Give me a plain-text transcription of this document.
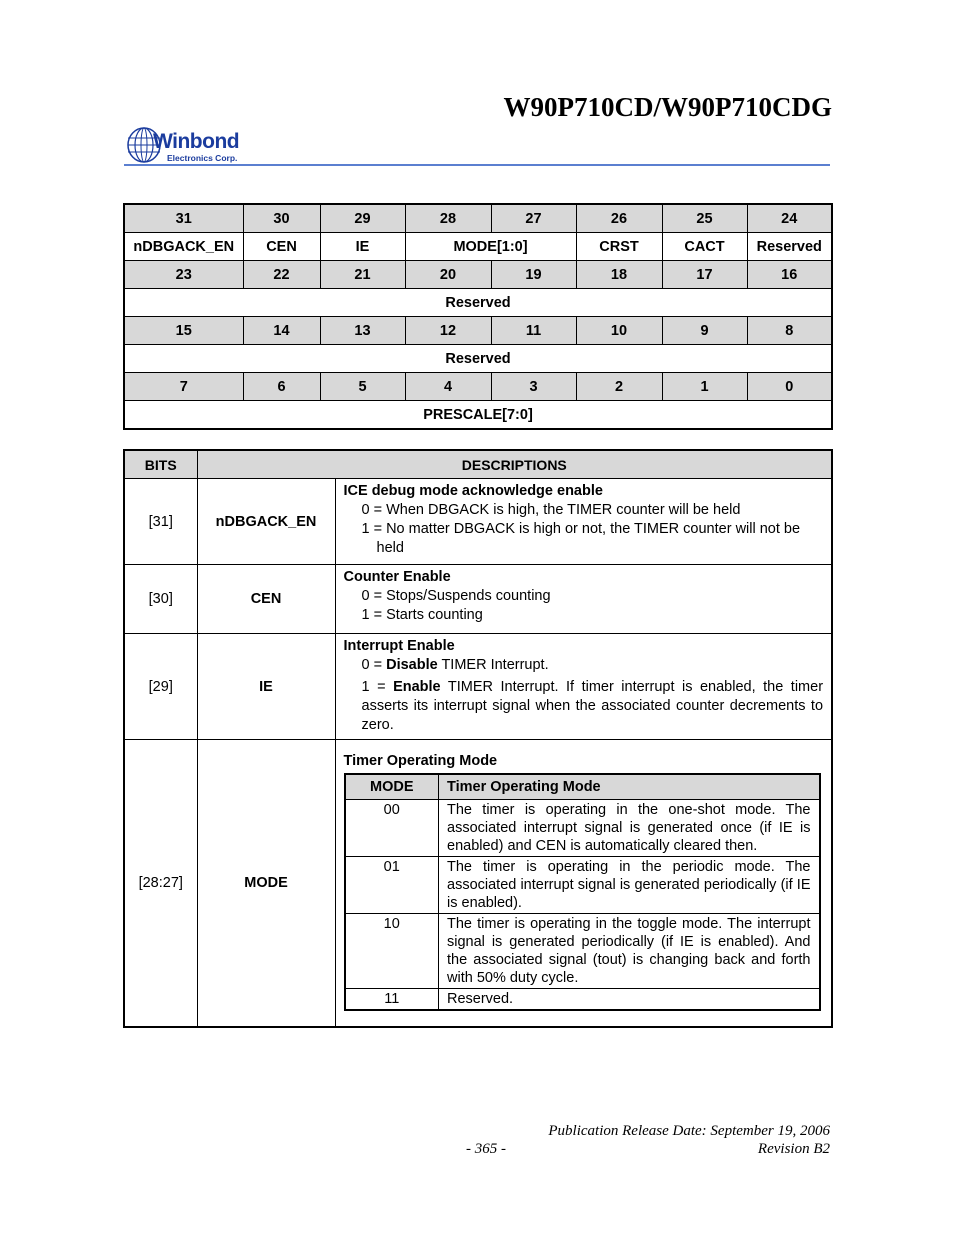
W90P710CD/W90P710CDG
Winbond
Electronics Corp.
31	30	29	28	27	26	25	24
nDBGACK_EN	CEN	IE	MODE[1:0]		CRST	CACT	Reserved
23	22	21	20	19	18	17	16
Reserved							
15	14	13	12	11	10	9	8
Reserved							
7	6	5	4	3	2	1	0
PRESCALE[7:0]							
BITS	DESCRIPTIONS
[31]	nDBGACK_EN	
ICE debug mode acknowledge enable
0 = When DBGACK is high, the TIMER counter will be held
1 = No matter DBGACK is high or not, the TIMER counter will not be held

[30]	CEN	
Counter Enable
0 = Stops/Suspends counting
1 = Starts counting

[29]	IE	
Interrupt Enable
0 = Disable TIMER Interrupt.
1 = Enable TIMER Interrupt. If timer interrupt is enabled, the timer asserts its interrupt signal when the associated counter decrements to zero.

[28:27]	MODE	
Timer Operating Mode
MODE	Timer Operating Mode
00	The timer is operating in the one-shot mode. The associated interrupt signal is generated once (if IE is enabled) and CEN is automatically cleared then.
01	The timer is operating in the periodic mode. The associated interrupt signal is generated periodically (if IE is enabled).
10	The timer is operating in the toggle mode. The interrupt signal is generated periodically (if IE is enabled). And the associated signal (tout) is changing back and forth with 50% duty cycle.
11	Reserved.
Publication Release Date: September 19, 2006
- 365 -	Revision B2
